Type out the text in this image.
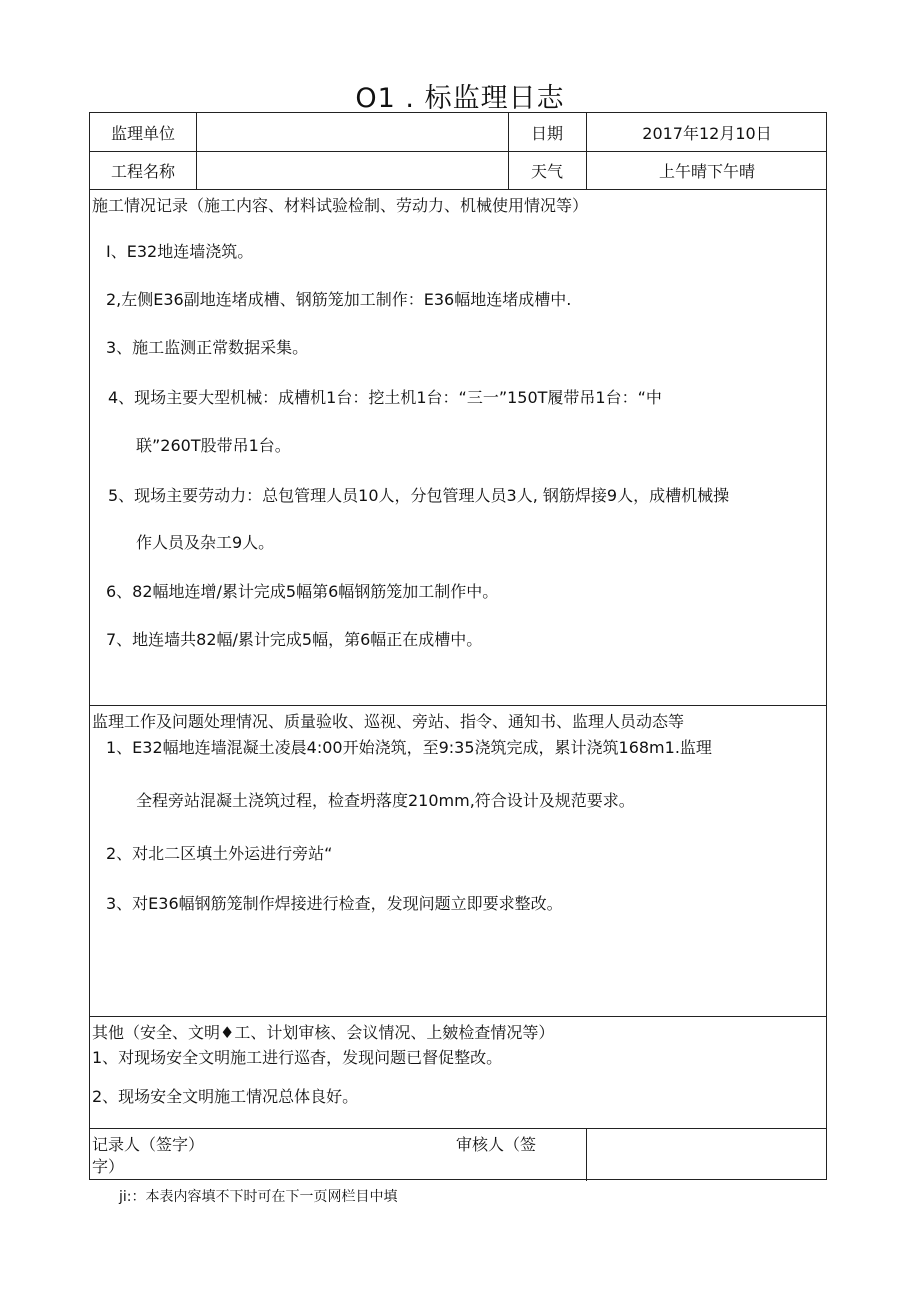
O1 . 标监理日志
监理单位	日期	2017年12月10日
工程名称	天气	上午晴下午晴
施工情况记录（施工内容、材料试验检制、劳动力、机械使用情况等）
I、E32地连墙浇筑。
2,左侧E36副地连堵成槽、钢筋笼加工制作：E36幅地连堵成槽中.
3、施工监测正常数据采集。
4、现场主要大型机械：成槽机1台：挖土机1台：“三一”150T履带吊1台：“中
联”260T股带吊1台。
5、现场主要劳动力：总包管理人员10人，分包管理人员3人, 钢筋焊接9人，成槽机械操
作人员及杂工9人。
6、82幅地连增/累计完成5幅第6幅钢筋笼加工制作中。
7、地连墙共82幅/累计完成5幅，第6幅正在成槽中。
监理工作及问题处理情况、质量验收、巡视、旁站、指令、通知书、监理人员动态等
1、E32幅地连墙混凝土凌晨4:00开始浇筑，至9:35浇筑完成，累计浇筑168m1.监理
全程旁站混凝土浇筑过程，检查坍落度210mm,符合设计及规范要求。
2、对北二区填土外运进行旁站“
3、对E36幅钢筋笼制作焊接进行检查，发现问题立即要求整改。
其他（安全、文明♦工、计划审核、会议情况、上皴检查情况等）
1、对现场安全文明施工进行巡杳，发现问题已督促整改。
2、现场安全文明施工情况总体良好。
记录人（签字）	审核人（签
字）
ji:：本表内容填不下时可在下一页网栏目中填
